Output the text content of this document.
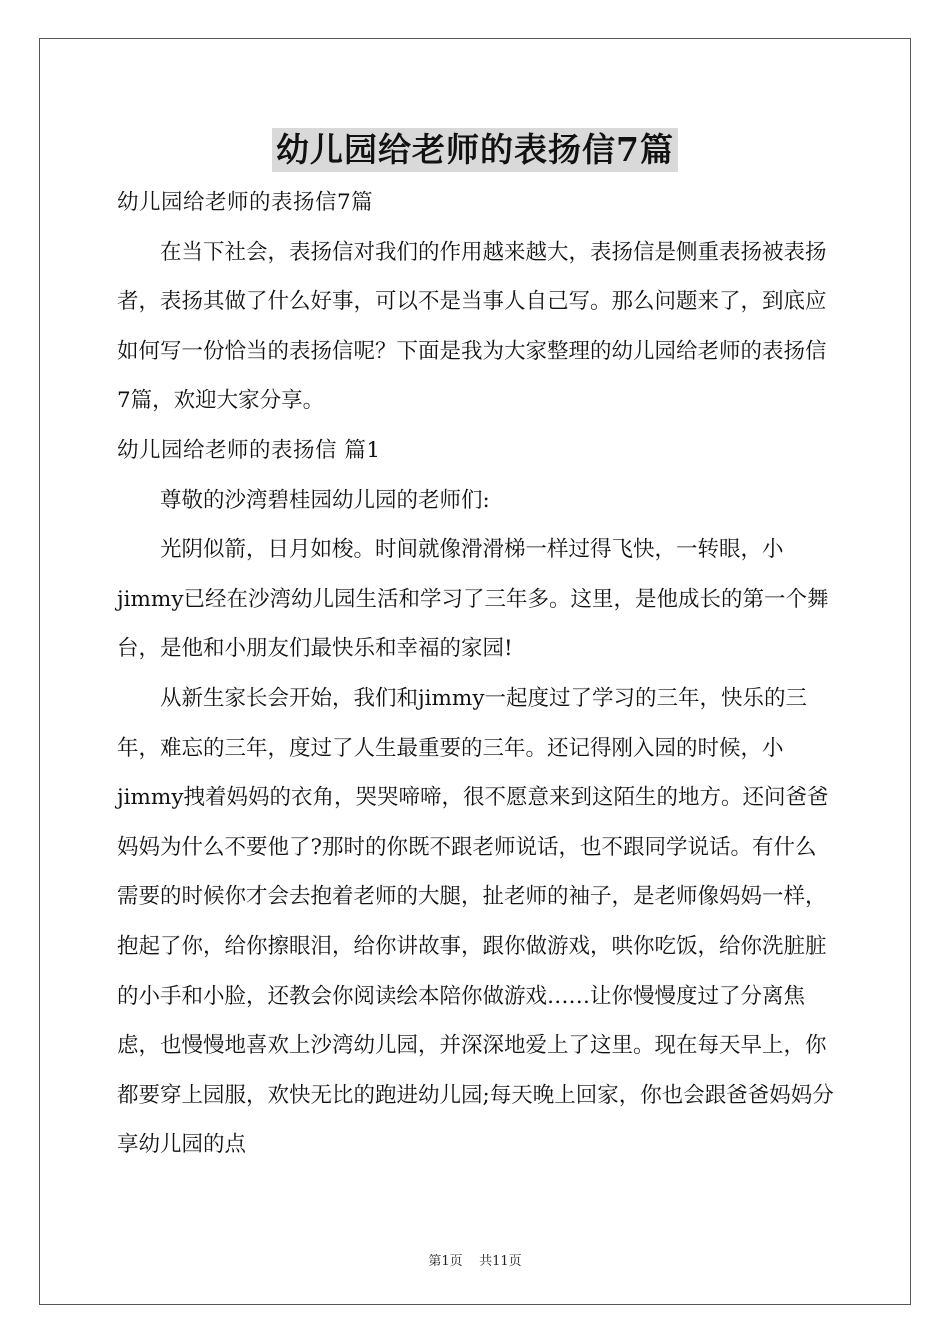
幼儿园给老师的表扬信7篇

幼儿园给老师的表扬信7篇

在当下社会，表扬信对我们的作用越来越大，表扬信是侧重表扬被表扬者，表扬其做了什么好事，可以不是当事人自己写。那么问题来了，到底应如何写一份恰当的表扬信呢？下面是我为大家整理的幼儿园给老师的表扬信7篇，欢迎大家分享。

幼儿园给老师的表扬信 篇1

尊敬的沙湾碧桂园幼儿园的老师们:

光阴似箭，日月如梭。时间就像滑滑梯一样过得飞快，一转眼，小jimmy已经在沙湾幼儿园生活和学习了三年多。这里，是他成长的第一个舞台，是他和小朋友们最快乐和幸福的家园!

从新生家长会开始，我们和jimmy一起度过了学习的三年，快乐的三年，难忘的三年，度过了人生最重要的三年。还记得刚入园的时候，小jimmy拽着妈妈的衣角，哭哭啼啼，很不愿意来到这陌生的地方。还问爸爸妈妈为什么不要他了?那时的你既不跟老师说话，也不跟同学说话。有什么需要的时候你才会去抱着老师的大腿，扯老师的袖子，是老师像妈妈一样，抱起了你，给你擦眼泪，给你讲故事，跟你做游戏，哄你吃饭，给你洗脏脏的小手和小脸，还教会你阅读绘本陪你做游戏……让你慢慢度过了分离焦虑，也慢慢地喜欢上沙湾幼儿园，并深深地爱上了这里。现在每天早上，你都要穿上园服，欢快无比的跑进幼儿园;每天晚上回家，你也会跟爸爸妈妈分享幼儿园的点

第1页 共11页
